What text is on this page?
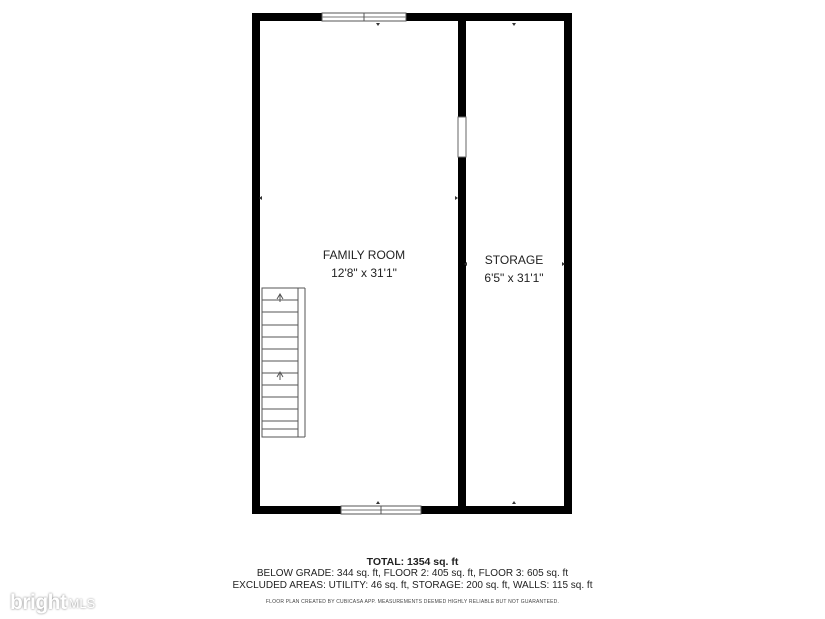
FAMILY ROOM
12'8" x 31'1"
STORAGE
6'5" x 31'1"
TOTAL: 1354 sq. ft
BELOW GRADE: 344 sq. ft, FLOOR 2: 405 sq. ft, FLOOR 3: 605 sq. ft
EXCLUDED AREAS: UTILITY: 46 sq. ft, STORAGE: 200 sq. ft, WALLS: 115 sq. ft
FLOOR PLAN CREATED BY CUBICASA APP. MEASUREMENTS DEEMED HIGHLY RELIABLE BUT NOT GUARANTEED.
bright MLS
